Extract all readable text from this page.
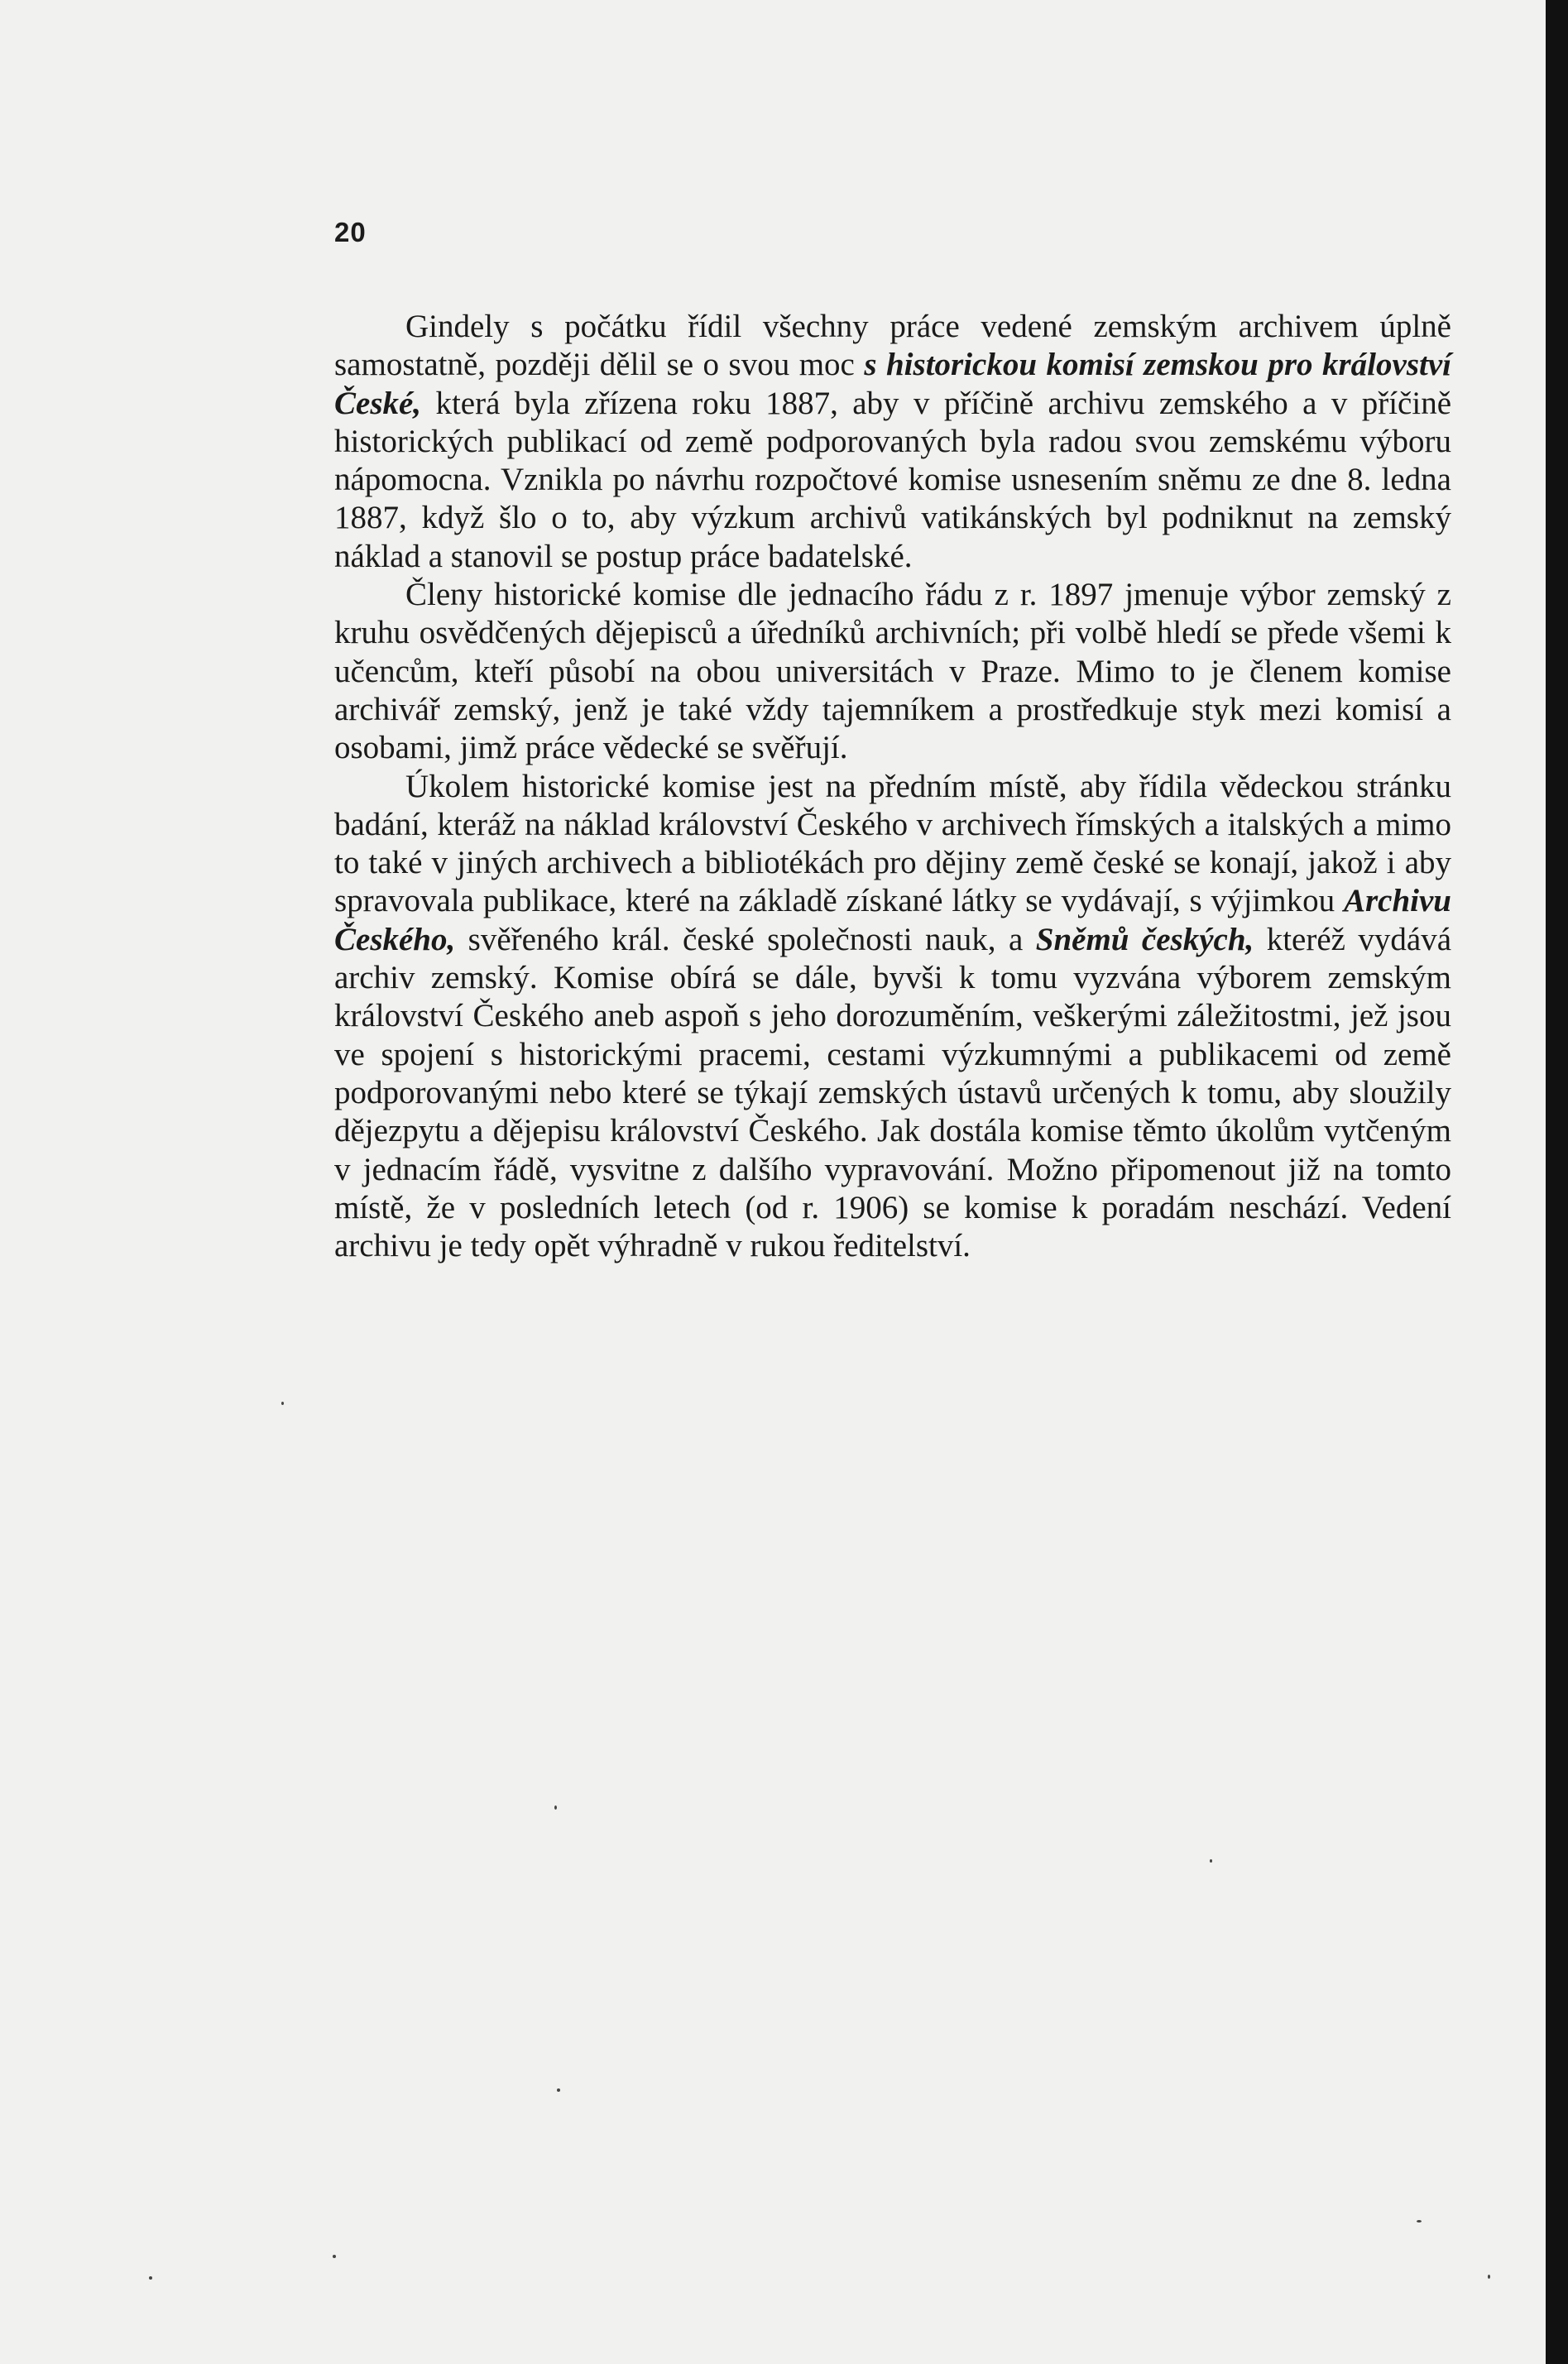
20

Gindely s počátku řídil všechny práce vedené zemským archivem úplně samostatně, později dělil se o svou moc s historickou komisí zemskou pro království České, která byla zřízena roku 1887, aby v příčině archivu zemského a v příčině historických publikací od země podporovaných byla radou svou zemskému výboru nápomocna. Vznikla po návrhu rozpočtové komise usnesením sněmu ze dne 8. ledna 1887, když šlo o to, aby výzkum archivů vatikánských byl podniknut na zemský náklad a stanovil se postup práce badatelské.

Členy historické komise dle jednacího řádu z r. 1897 jmenuje výbor zemský z kruhu osvědčených dějepisců a úředníků archivních; při volbě hledí se přede všemi k učencům, kteří působí na obou universitách v Praze. Mimo to je členem komise archivář zemský, jenž je také vždy tajemníkem a prostředkuje styk mezi komisí a osobami, jimž práce vědecké se svěřují.

Úkolem historické komise jest na předním místě, aby řídila vědeckou stránku badání, kteráž na náklad království Českého v archivech římských a italských a mimo to také v jiných archivech a bibliotékách pro dějiny země české se konají, jakož i aby spravovala publikace, které na základě získané látky se vydávají, s výjimkou Archivu Českého, svěřeného král. české společnosti nauk, a Sněmů českých, kteréž vydává archiv zemský. Komise obírá se dále, byvši k tomu vyzvána výborem zemským království Českého aneb aspoň s jeho dorozuměním, veškerými záležitostmi, jež jsou ve spojení s historickými pracemi, cestami výzkumnými a publikacemi od země podporovanými nebo které se týkají zemských ústavů určených k tomu, aby sloužily dějezpytu a dějepisu království Českého. Jak dostála komise těmto úkolům vytčeným v jednacím řádě, vysvitne z dalšího vypravování. Možno připomenout již na tomto místě, že v posledních letech (od r. 1906) se komise k poradám neschází. Vedení archivu je tedy opět výhradně v rukou ředitelství.
